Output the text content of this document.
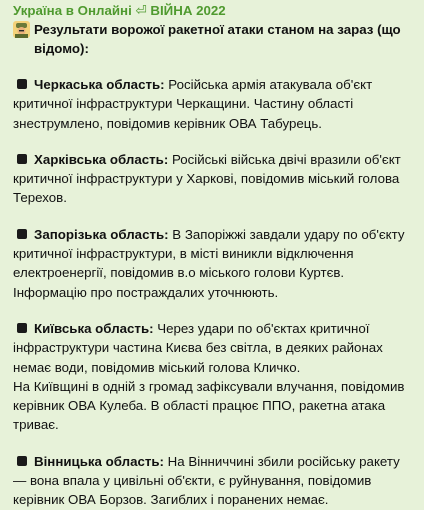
Україна в Онлайні ⏎ ВІЙНА 2022
Результати ворожої ракетної атаки станом на зараз (що відомо):
Черкаська область: Російська армія атакувала об'єкт критичної інфраструктури Черкащини. Частину області знеструмлено, повідомив керівник ОВА Табурець.
Харківська область: Російські війська двічі вразили об'єкт критичної інфраструктури у Харкові, повідомив міський голова Терехов.
Запорізька область: В Запоріжжі завдали удару по об'єкту критичної інфраструктури, в місті виникли відключення електроенергії, повідомив в.о міського голови Куртєв.
Інформацію про постраждалих уточнюють.
Київська область: Через удари по об'єктах критичної інфраструктури частина Києва без світла, в деяких районах немає води, повідомив міський голова Кличко.
На Київщині в одній з громад зафіксували влучання, повідомив керівник ОВА Кулеба. В області працює ППО, ракетна атака триває.
Вінницька область: На Вінниччині збили російську ракету — вона впала у цивільні об'єкти, є руйнування, повідомив керівник ОВА Борзов. Загиблих і поранених немає.
